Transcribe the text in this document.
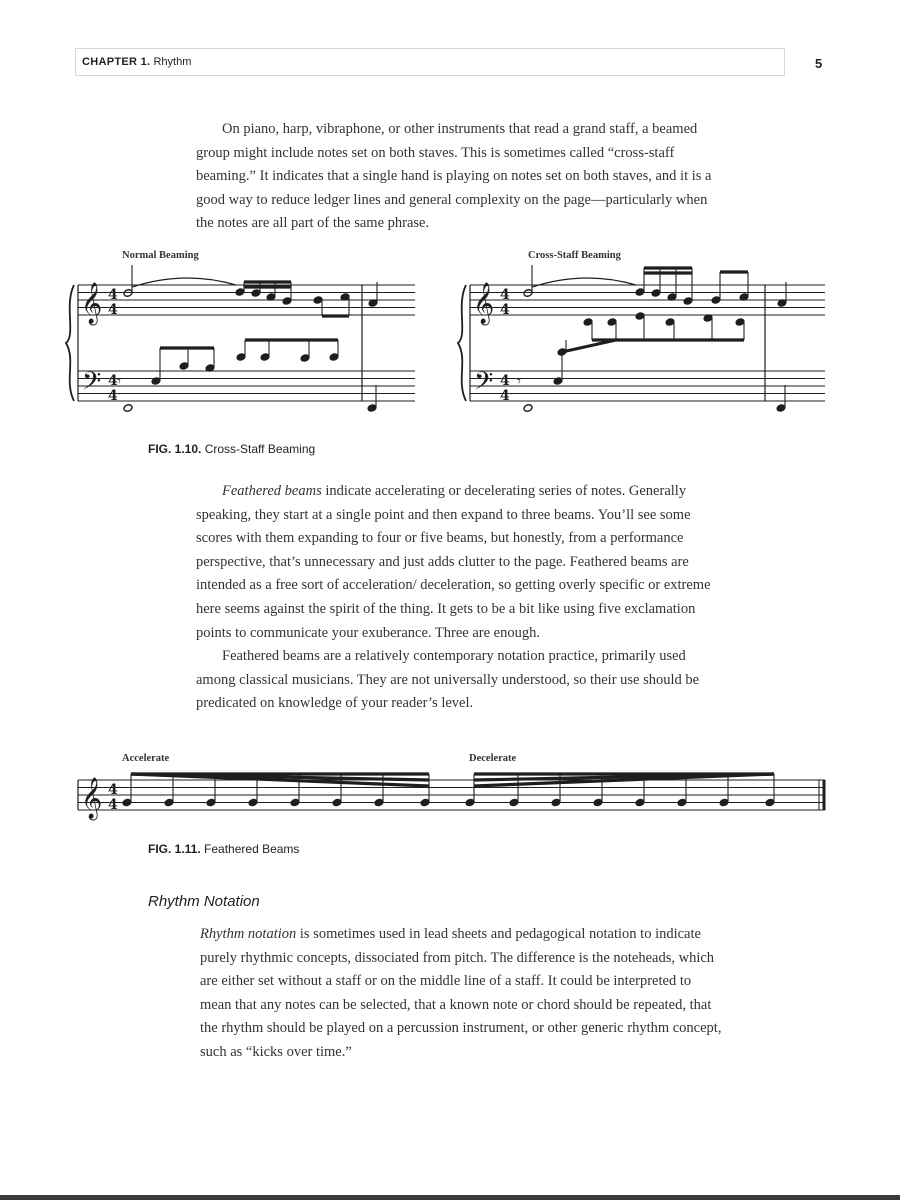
CHAPTER 1. Rhythm	5

On piano, harp, vibraphone, or other instruments that read a grand staff, a beamed group might include notes set on both staves. This is sometimes called “cross-staff beaming.” It indicates that a single hand is playing on notes set on both staves, and it is a good way to reduce ledger lines and general complexity on the page—particularly when the notes are all part of the same phrase.

Normal Beaming	Cross-Staff Beaming
𝄞
𝄢
4
4
4
4
𝄾
𝄞
𝄢
4
4
4
4
𝄾
FIG. 1.10. Cross-Staff Beaming

Feathered beams indicate accelerating or decelerating series of notes. Generally speaking, they start at a single point and then expand to three beams. You’ll see some scores with them expanding to four or five beams, but honestly, from a performance perspective, that’s unnecessary and just adds clutter to the page. Feathered beams are intended as a free sort of acceleration/ deceleration, so getting overly specific or extreme here seems against the spirit of the thing. It gets to be a bit like using five exclamation points to communicate your exuberance. Three are enough.

Feathered beams are a relatively contemporary notation practice, primarily used among classical musicians. They are not universally understood, so their use should be predicated on knowledge of your reader’s level.

Accelerate	Decelerate
𝄞 4
4
FIG. 1.11. Feathered Beams
Rhythm Notation

Rhythm notation is sometimes used in lead sheets and pedagogical notation to indicate purely rhythmic concepts, dissociated from pitch. The difference is the noteheads, which are either set without a staff or on the middle line of a staff. It could be interpreted to mean that any notes can be selected, that a known note or chord should be repeated, that the rhythm should be played on a percussion instrument, or other generic rhythm concept, such as “kicks over time.”
